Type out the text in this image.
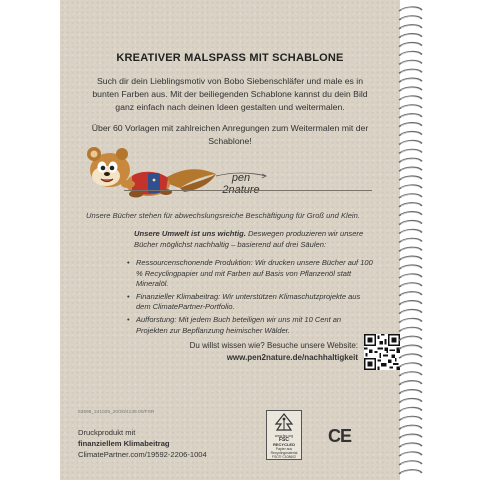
KREATIVER MALSPASS MIT SCHABLONE
Such dir dein Lieblingsmotiv von Bobo Siebenschläfer und male es in bunten Farben aus. Mit der beiliegenden Schablone kannst du dein Bild ganz einfach nach deinen Ideen gestalten und weitermalen.
Über 60 Vorlagen mit zahlreichen Anregungen zum Weitermalen mit der Schablone!
pen
2nature
Unsere Bücher stehen für abwechslungsreiche Beschäftigung für Groß und Klein.
Unsere Umwelt ist uns wichtig. Deswegen produzieren wir unsere Bücher möglichst nachhaltig – basierend auf drei Säulen:
• Ressourcenschonende Produktion: Wir drucken unsere Bücher auf 100 % Recyclingpapier und mit Farben auf Basis von Pflanzenöl statt Mineralöl.
• Finanzieller Klimabeitrag: Wir unterstützen Klimaschutzprojekte aus dem ClimatePartner-Portfolio.
• Aufforstung: Mit jedem Buch beteiligen wir uns mit 10 Cent an Projekten zur Bepflanzung heimischer Wälder.
Du willst wissen wie? Besuche unsere Website:
www.pen2nature.de/nachhaltigkeit
53598_241025_20/20/4139.00/FSR
Druckprodukt mit
finanziellem Klimabeitrag
ClimatePartner.com/19592-2206-1004
www.fsc.org
FSC
RECYCLED
Papier aus Recyclingmaterial
FSC® C108602
CE
